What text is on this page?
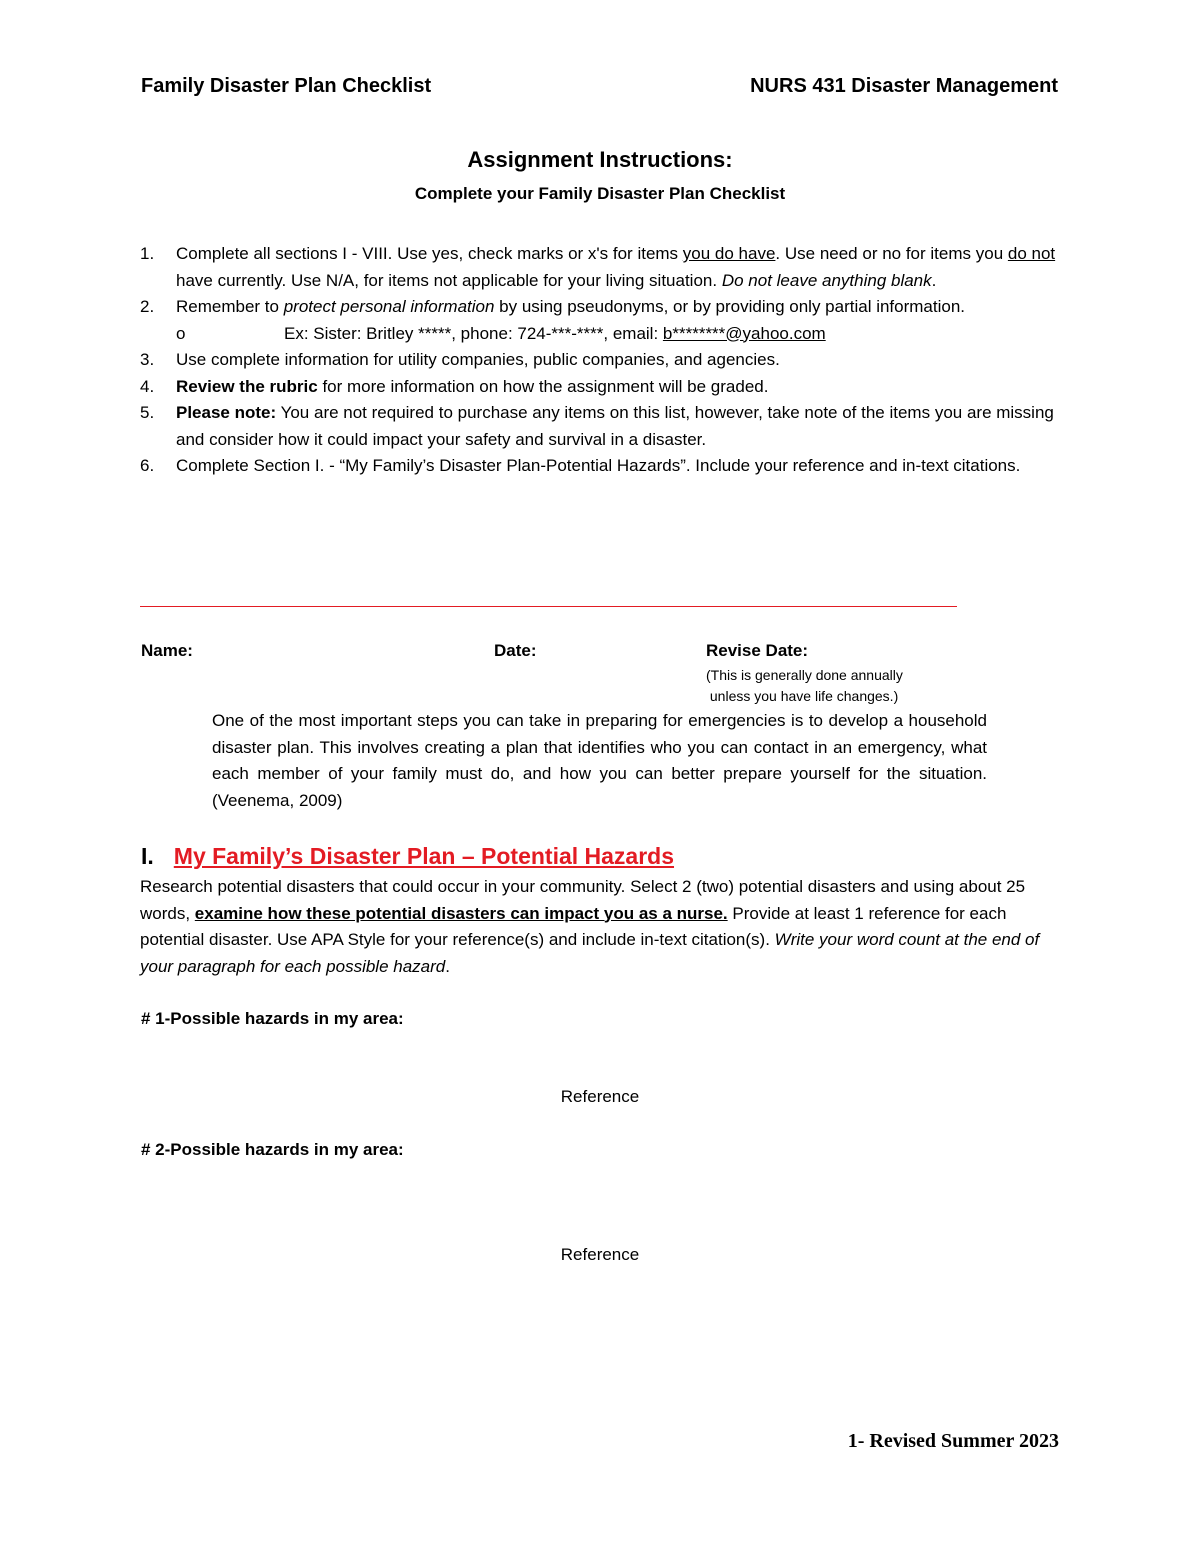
Family Disaster Plan Checklist	NURS 431 Disaster Management
Assignment Instructions:
Complete your Family Disaster Plan Checklist
1. Complete all sections I - VIII. Use yes, check marks or x's for items you do have. Use need or no for items you do not have currently. Use N/A, for items not applicable for your living situation. Do not leave anything blank.
2. Remember to protect personal information by using pseudonyms, or by providing only partial information.
o	Ex: Sister: Britley *****, phone: 724-***-****, email: b********@yahoo.com
3. Use complete information for utility companies, public companies, and agencies.
4. Review the rubric for more information on how the assignment will be graded.
5. Please note: You are not required to purchase any items on this list, however, take note of the items you are missing and consider how it could impact your safety and survival in a disaster.
6. Complete Section I. - “My Family’s Disaster Plan-Potential Hazards”. Include your reference and in-text citations.
Name:	Date:	Revise Date:
(This is generally done annually
unless you have life changes.)
One of the most important steps you can take in preparing for emergencies is to develop a household disaster plan. This involves creating a plan that identifies who you can contact in an emergency, what each member of your family must do, and how you can better prepare yourself for the situation. (Veenema, 2009)
I. My Family’s Disaster Plan – Potential Hazards
Research potential disasters that could occur in your community. Select 2 (two) potential disasters and using about 25 words, examine how these potential disasters can impact you as a nurse. Provide at least 1 reference for each potential disaster. Use APA Style for your reference(s) and include in-text citation(s). Write your word count at the end of your paragraph for each possible hazard.
# 1-Possible hazards in my area:
Reference
# 2-Possible hazards in my area:
Reference
1- Revised Summer 2023
